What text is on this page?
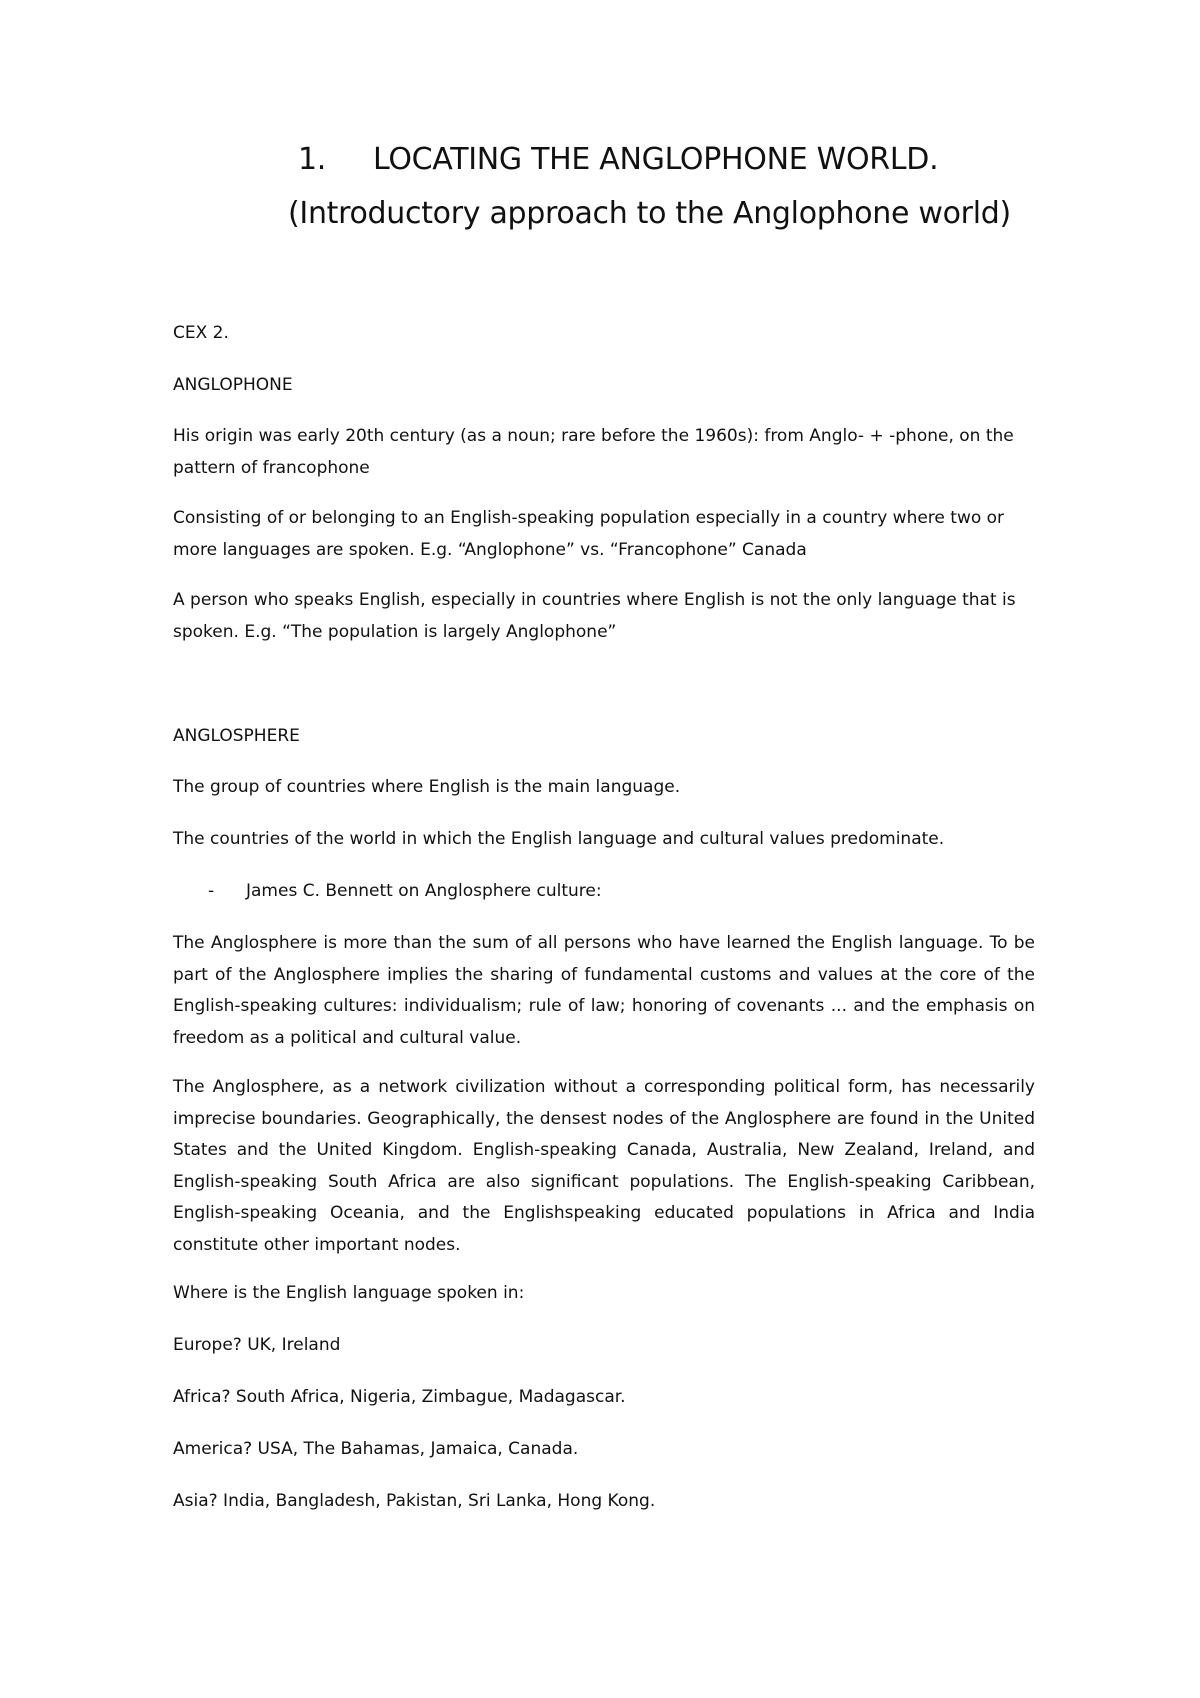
1. LOCATING THE ANGLOPHONE WORLD.
(Introductory approach to the Anglophone world)

CEX 2.

ANGLOPHONE

His origin was early 20th century (as a noun; rare before the 1960s): from Anglo- + -phone, on the pattern of francophone

Consisting of or belonging to an English-speaking population especially in a country where two or more languages are spoken. E.g. “Anglophone” vs. “Francophone” Canada

A person who speaks English, especially in countries where English is not the only language that is spoken. E.g. “The population is largely Anglophone”

ANGLOSPHERE

The group of countries where English is the main language.

The countries of the world in which the English language and cultural values predominate.

- James C. Bennett on Anglosphere culture:

The Anglosphere is more than the sum of all persons who have learned the English language. To be part of the Anglosphere implies the sharing of fundamental customs and values at the core of the English-speaking cultures: individualism; rule of law; honoring of covenants ... and the emphasis on freedom as a political and cultural value.

The Anglosphere, as a network civilization without a corresponding political form, has necessarily imprecise boundaries. Geographically, the densest nodes of the Anglosphere are found in the United States and the United Kingdom. English-speaking Canada, Australia, New Zealand, Ireland, and English-speaking South Africa are also significant populations. The English-speaking Caribbean, English-speaking Oceania, and the Englishspeaking educated populations in Africa and India constitute other important nodes.

Where is the English language spoken in:

Europe? UK, Ireland

Africa? South Africa, Nigeria, Zimbague, Madagascar.

America? USA, The Bahamas, Jamaica, Canada.

Asia? India, Bangladesh, Pakistan, Sri Lanka, Hong Kong.
